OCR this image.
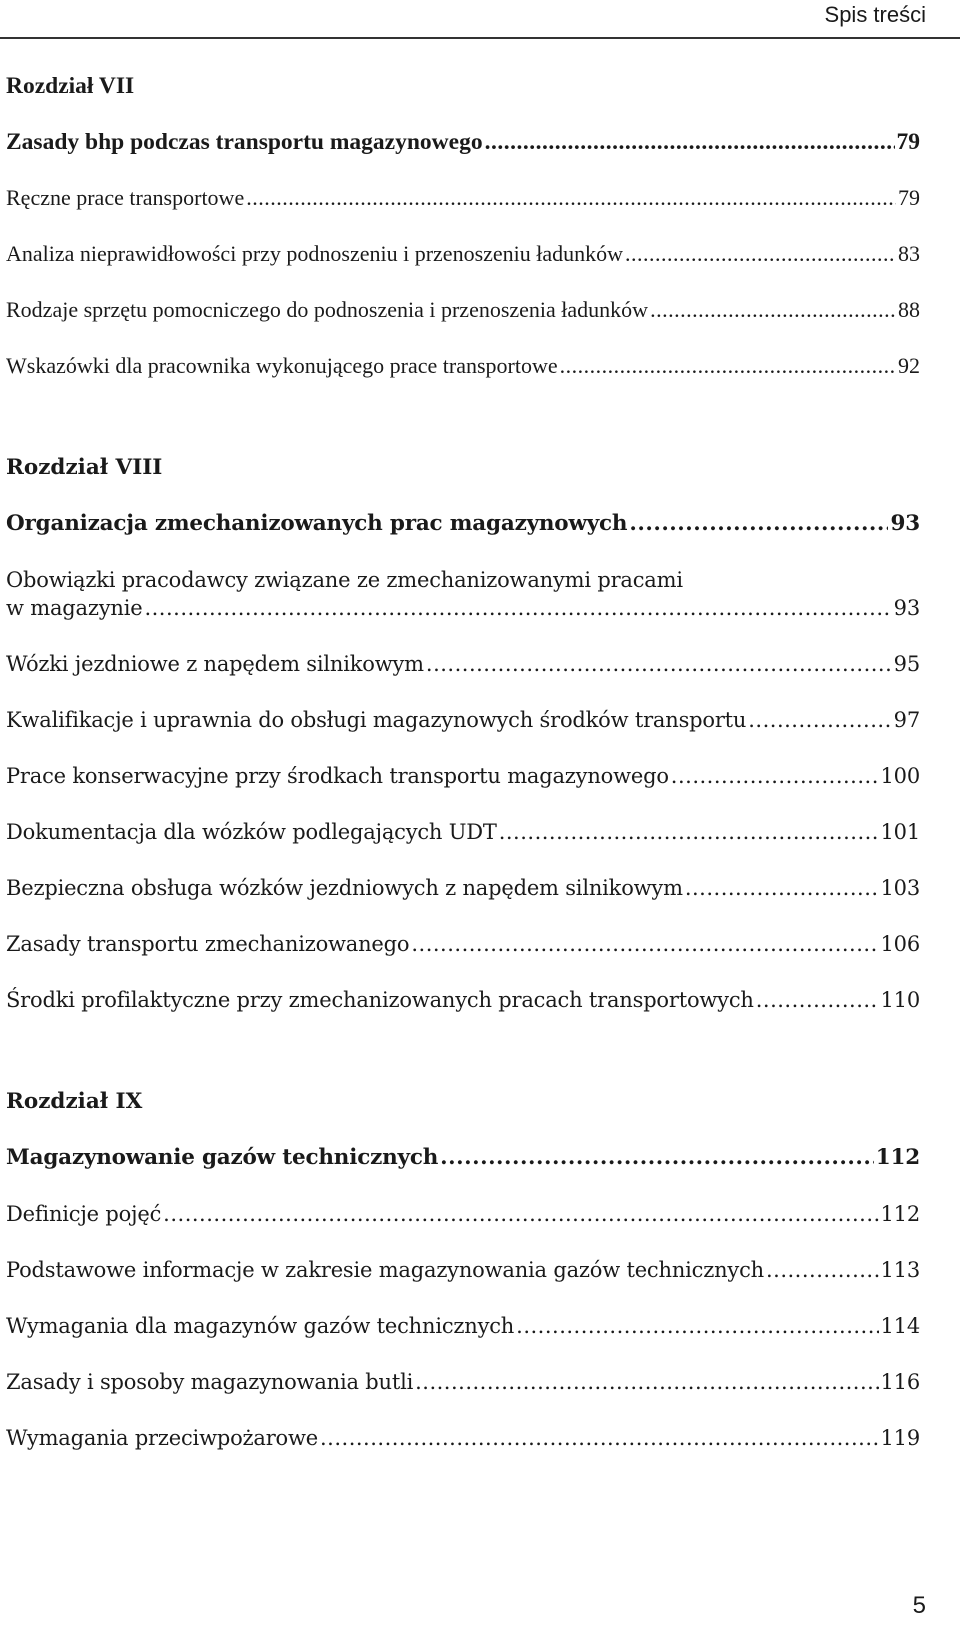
Spis treści
Rozdział VII
Zasady bhp podczas transportu magazynowego .....	79
Ręczne prace transportowe .....	79
Analiza nieprawidłowości przy podnoszeniu i przenoszeniu ładunków .....	83
Rodzaje sprzętu pomocniczego do podnoszenia i przenoszenia ładunków .....	88
Wskazówki dla pracownika wykonującego prace transportowe .....	92
Rozdział VIII
Organizacja zmechanizowanych prac magazynowych .....	93
Obowiązki pracodawcy związane ze zmechanizowanymi pracami
w magazynie .....	93
Wózki jezdniowe z napędem silnikowym .....	95
Kwalifikacje i uprawnia do obsługi magazynowych środków transportu .....	97
Prace konserwacyjne przy środkach transportu magazynowego .....	100
Dokumentacja dla wózków podlegających UDT .....	101
Bezpieczna obsługa wózków jezdniowych z napędem silnikowym .....	103
Zasady transportu zmechanizowanego .....	106
Środki profilaktyczne przy zmechanizowanych pracach transportowych .....	110
Rozdział IX
Magazynowanie gazów technicznych .....	112
Definicje pojęć .....	112
Podstawowe informacje w zakresie magazynowania gazów technicznych .....	113
Wymagania dla magazynów gazów technicznych .....	114
Zasady i sposoby magazynowania butli .....	116
Wymagania przeciwpożarowe .....	119
5
